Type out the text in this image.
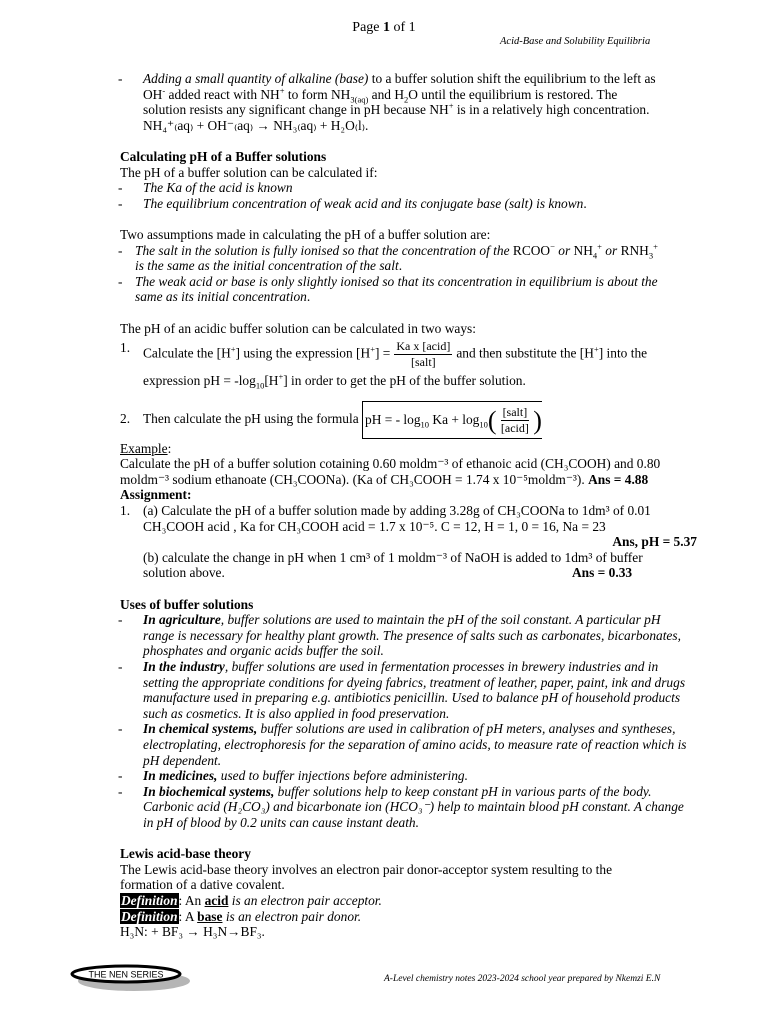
Page 1 of 1
Acid-Base and Solubility Equilibria
- Adding a small quantity of alkaline (base) to a buffer solution shift the equilibrium to the left as

OH- added react with NH+ to form $NH_{3(aq)}$ and $H_2O$ until the equilibrium is restored. The

solution resists any significant change in pH because NH+ is in a relatively high concentration.

NH₄⁺₍aq₎ + OH⁻₍aq₎ → NH₃₍aq₎ + H₂O₍l₎.

Calculating pH of a Buffer solutions

The pH of a buffer solution can be calculated if:

- The Ka of the acid is known

- The equilibrium concentration of weak acid and its conjugate base (salt) is known.

Two assumptions made in calculating the pH of a buffer solution are:

- The salt in the solution is fully ionised so that the concentration of the RCOO− or $NH_4^+$ or $RNH_3^+$

is the same as the initial concentration of the salt.

- The weak acid or base is only slightly ionised so that its concentration in equilibrium is about the

same as its initial concentration.

The pH of an acidic buffer solution can be calculated in two ways:

1. Calculate the [H+] using the expression $[H^+] = \frac{\text{Ka x [acid]}}{\text{[salt]}}$ and then substitute the [H+] into the

expression pH = $-\log_{10}[H^+]$ in order to get the pH of the buffer solution.

2. Then calculate the pH using the formula pH = - $\log_{10} Ka + \log_{10}( \frac{\text{[salt]}}{\text{[acid]}}$ )

Example:

Calculate the pH of a buffer solution cotaining 0.60 moldm⁻³ of ethanoic acid (CH₃COOH) and 0.80

moldm⁻³ sodium ethanoate (CH₃COONa). (Ka of CH₃COOH = 1.74 x 10⁻⁵moldm⁻³). Ans = 4.88

Assignment:

1. (a) Calculate the pH of a buffer solution made by adding 3.28g of CH₃COONa to 1dm³ of 0.01

CH₃COOH acid , Ka for CH₃COOH acid = 1.7 x 10⁻⁵. C = 12, H = 1, 0 = 16, Na = 23

Ans, pH = 5.37

(b) calculate the change in pH when 1 cm³ of 1 moldm⁻³ of NaOH is added to 1dm³ of buffer

solution above.	Ans = 0.33

Uses of buffer solutions

- In agriculture, buffer solutions are used to maintain the pH of the soil constant. A particular pH range is necessary for healthy plant growth. The presence of salts such as carbonates, bicarbonates, phosphates and organic acids buffer the soil.

- In the industry, buffer solutions are used in fermentation processes in brewery industries and in setting the appropriate conditions for dyeing fabrics, treatment of leather, paper, paint, ink and drugs manufacture used in preparing e.g. antibiotics penicillin. Used to balance pH of household products such as cosmetics. It is also applied in food preservation.

- In chemical systems, buffer solutions are used in calibration of pH meters, analyses and syntheses, electroplating, electrophoresis for the separation of amino acids, to measure rate of reaction which is pH dependent.

- In medicines, used to buffer injections before administering.

- In biochemical systems, buffer solutions help to keep constant pH in various parts of the body. Carbonic acid (H₂CO₃) and bicarbonate ion (HCO₃⁻) help to maintain blood pH constant. A change in pH of blood by 0.2 units can cause instant death.

Lewis acid-base theory

The Lewis acid-base theory involves an electron pair donor-acceptor system resulting to the

formation of a dative covalent.

Definition: An acid is an electron pair acceptor.

Definition: A base is an electron pair donor.

H₃N: + BF₃ → H₃N→BF₃.

THE NEN SERIES	A-Level chemistry notes 2023-2024 school year prepared by Nkemzi E.N
